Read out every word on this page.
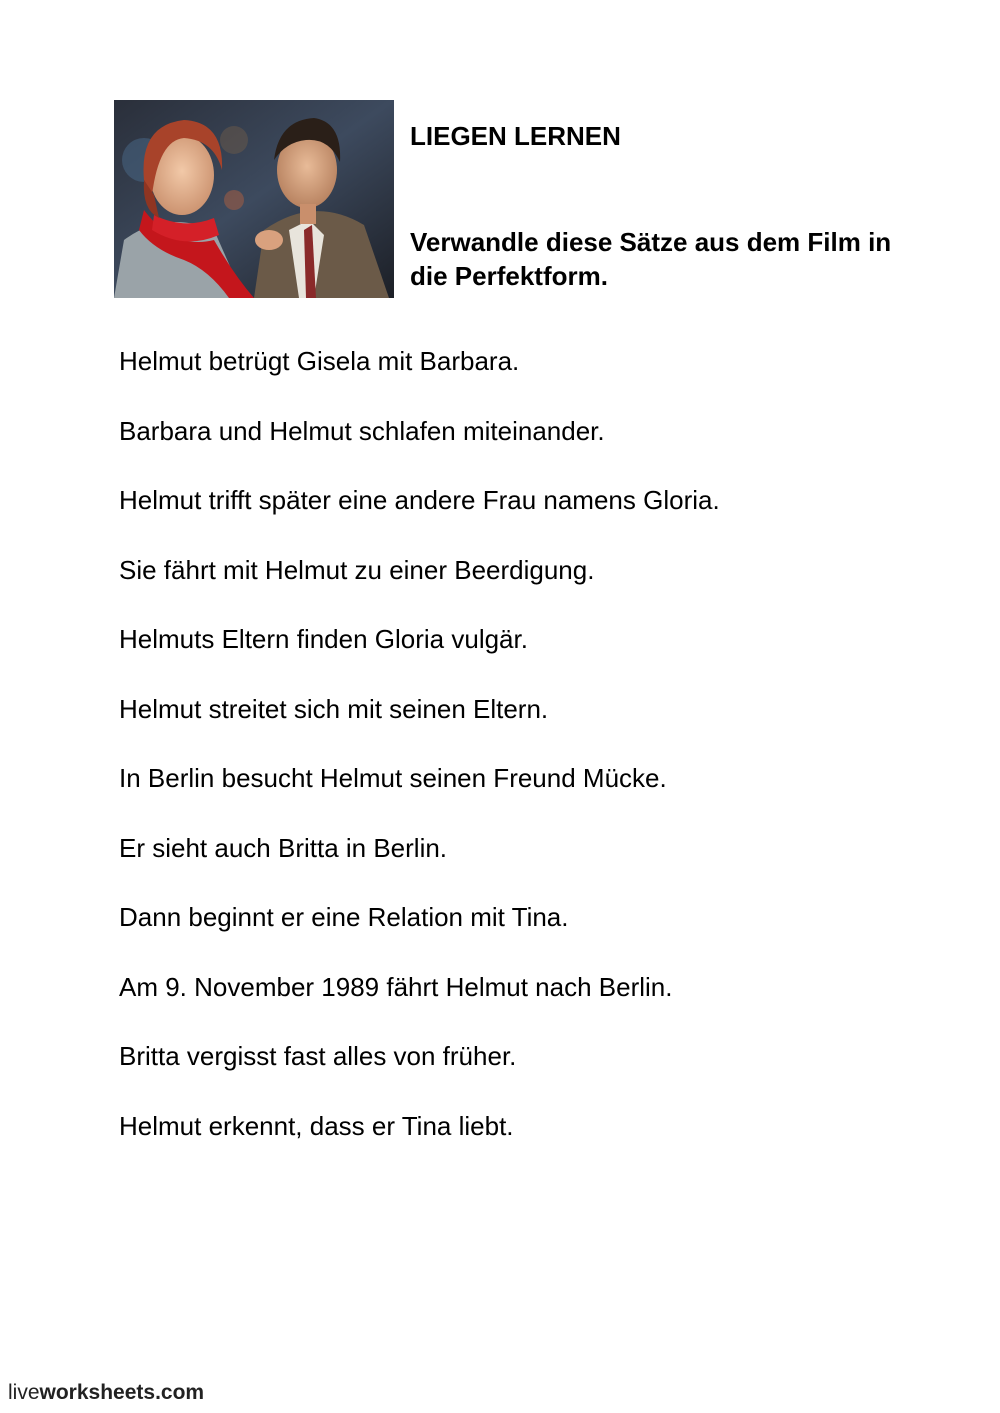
LIEGEN LERNEN
Verwandle diese Sätze aus dem Film in die Perfektform.
Helmut betrügt Gisela mit Barbara.
Barbara und Helmut schlafen miteinander.
Helmut trifft später eine andere Frau namens Gloria.
Sie fährt mit Helmut zu einer Beerdigung.
Helmuts Eltern finden Gloria vulgär.
Helmut streitet sich mit seinen Eltern.
In Berlin besucht Helmut seinen Freund Mücke.
Er sieht auch Britta in Berlin.
Dann beginnt er eine Relation mit Tina.
Am 9. November 1989 fährt Helmut nach Berlin.
Britta vergisst fast alles von früher.
Helmut erkennt, dass er Tina liebt.
liveworksheets.com
